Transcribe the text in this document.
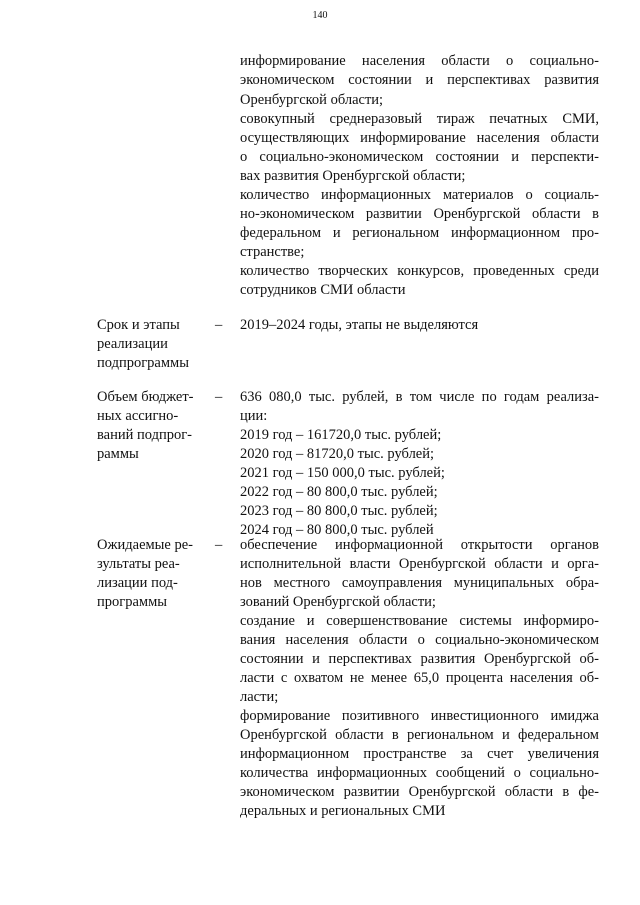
140
информирование населения области о социально-
экономическом состоянии и перспективах развития
Оренбургской области;
совокупный среднеразовый тираж печатных СМИ,
осуществляющих информирование населения области
о социально-экономическом состоянии и перспекти-
вах развития Оренбургской области;
количество информационных материалов о социаль-
но-экономическом развитии Оренбургской области в
федеральном и региональном информационном про-
странстве;
количество творческих конкурсов, проведенных среди
сотрудников СМИ области
Срок и этапы
реализации
подпрограммы
– 2019–2024 годы, этапы не выделяются
Объем бюджет-
ных ассигно-
ваний подпрог-
раммы
– 636 080,0 тыс. рублей, в том числе по годам реализа-
ции:
2019 год – 161720,0 тыс. рублей;
2020 год – 81720,0 тыс. рублей;
2021 год – 150 000,0 тыс. рублей;
2022 год – 80 800,0 тыс. рублей;
2023 год – 80 800,0 тыс. рублей;
2024 год – 80 800,0 тыс. рублей
Ожидаемые ре-
зультаты реа-
лизации под-
программы
– обеспечение информационной открытости органов
исполнительной власти Оренбургской области и орга-
нов местного самоуправления муниципальных обра-
зований Оренбургской области;
создание и совершенствование системы информиро-
вания населения области о социально-экономическом
состоянии и перспективах развития Оренбургской об-
ласти с охватом не менее 65,0 процента населения об-
ласти;
формирование позитивного инвестиционного имиджа
Оренбургской области в региональном и федеральном
информационном пространстве за счет увеличения
количества информационных сообщений о социально-
экономическом развитии Оренбургской области в фе-
деральных и региональных СМИ
